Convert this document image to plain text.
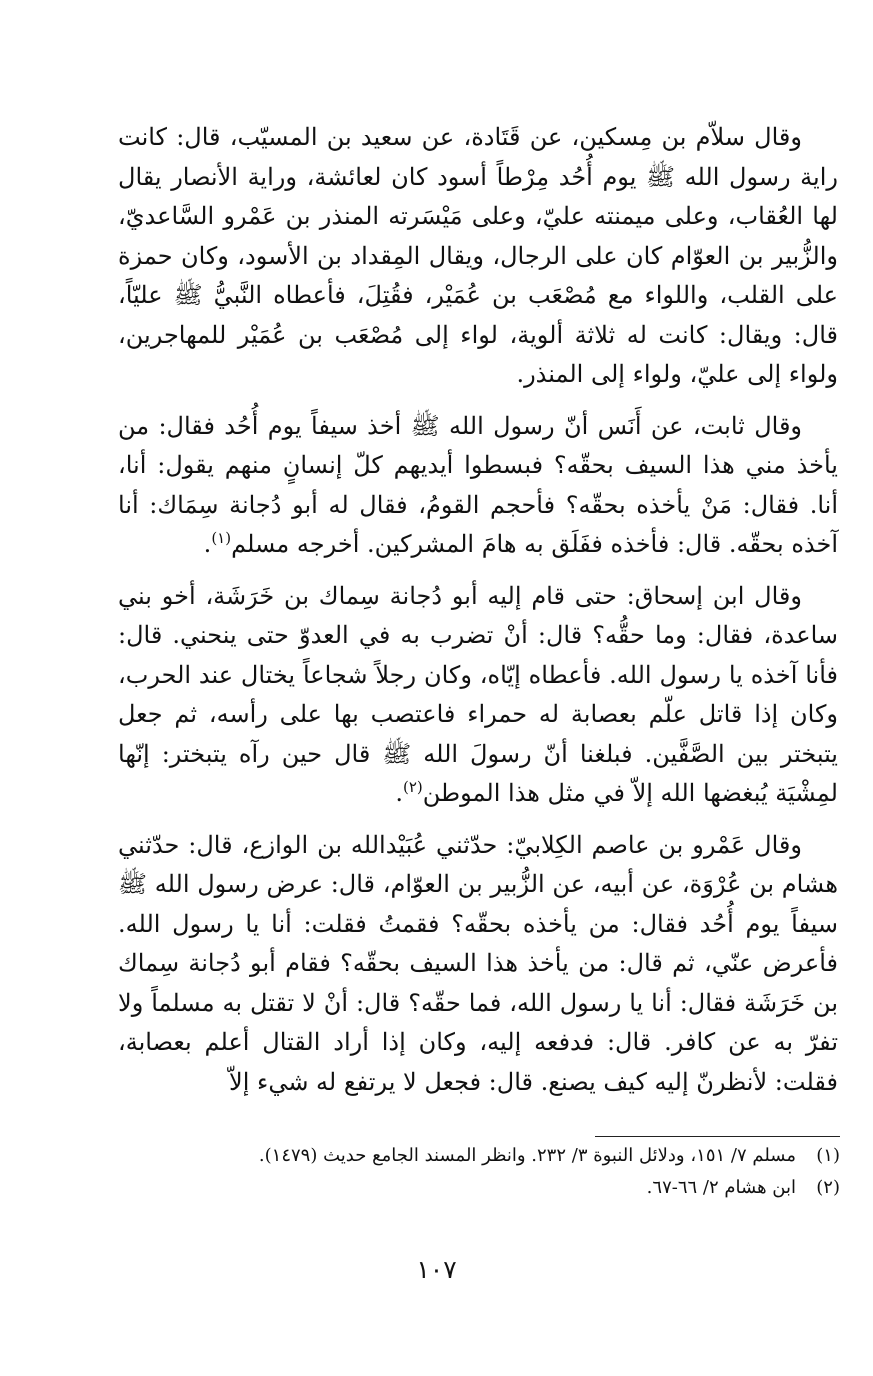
وقال سلاّم بن مِسكين، عن قَتَادة، عن سعيد بن المسيّب، قال: كانت راية رسول الله ﷺ يوم أُحُد مِرْطاً أسود كان لعائشة، وراية الأنصار يقال لها العُقاب، وعلى ميمنته عليّ، وعلى مَيْسَرته المنذر بن عَمْرو السَّاعديّ، والزُّبير بن العوّام كان على الرجال، ويقال المِقداد بن الأسود، وكان حمزة على القلب، واللواء مع مُصْعَب بن عُمَيْر، فقُتِلَ، فأعطاه النَّبيُّ ﷺ عليّاً، قال: ويقال: كانت له ثلاثة ألوية، لواء إلى مُصْعَب بن عُمَيْر للمهاجرين، ولواء إلى عليّ، ولواء إلى المنذر.

وقال ثابت، عن أَنَس أنّ رسول الله ﷺ أخذ سيفاً يوم أُحُد فقال: من يأخذ مني هذا السيف بحقّه؟ فبسطوا أيديهم كلّ إنسانٍ منهم يقول: أنا، أنا. فقال: مَنْ يأخذه بحقّه؟ فأحجم القومُ، فقال له أبو دُجانة سِمَاك: أنا آخذه بحقّه. قال: فأخذه ففَلَق به هامَ المشركين. أخرجه مسلم$^{(١)}$.

وقال ابن إسحاق: حتى قام إليه أبو دُجانة سِماك بن خَرَشَة، أخو بني ساعدة، فقال: وما حقُّه؟ قال: أنْ تضرب به في العدوّ حتى ينحني. قال: فأنا آخذه يا رسول الله. فأعطاه إيّاه، وكان رجلاً شجاعاً يختال عند الحرب، وكان إذا قاتل علّم بعصابة له حمراء فاعتصب بها على رأسه، ثم جعل يتبختر بين الصَّفَّين. فبلغنا أنّ رسولَ الله ﷺ قال حين رآه يتبختر: إنّها لمِشْيَة يُبغضها الله إلاّ في مثل هذا الموطن$^{(٢)}$.

وقال عَمْرو بن عاصم الكِلابيّ: حدّثني عُبَيْدالله بن الوازع، قال: حدّثني هشام بن عُرْوَة، عن أبيه، عن الزُّبير بن العوّام، قال: عرض رسول الله ﷺ سيفاً يوم أُحُد فقال: من يأخذه بحقّه؟ فقمتُ فقلت: أنا يا رسول الله. فأعرض عنّي، ثم قال: من يأخذ هذا السيف بحقّه؟ فقام أبو دُجانة سِماك بن خَرَشَة فقال: أنا يا رسول الله، فما حقّه؟ قال: أنْ لا تقتل به مسلماً ولا تفرّ به عن كافر. قال: فدفعه إليه، وكان إذا أراد القتال أعلم بعصابة، فقلت: لأنظرنّ إليه كيف يصنع. قال: فجعل لا يرتفع له شيء إلاّ

(١)مسلم ٧/ ١٥١، ودلائل النبوة ٣/ ٢٣٢. وانظر المسند الجامع حديث (١٤٧٩).

(٢)ابن هشام ٢/ ٦٦-٦٧.

١٠٧
